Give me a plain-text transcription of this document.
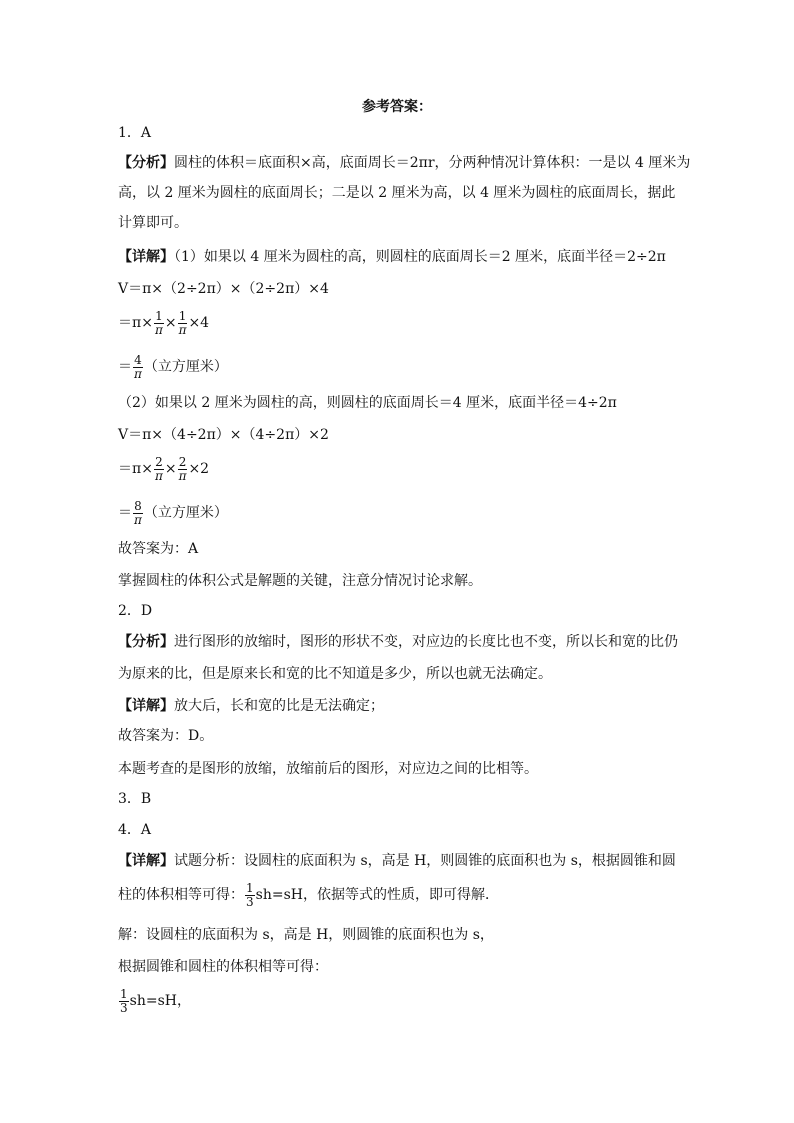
参考答案：
1．A
【分析】圆柱的体积＝底面积×高，底面周长＝2πr，分两种情况计算体积：一是以 4 厘米为
高，以 2 厘米为圆柱的底面周长；二是以 2 厘米为高，以 4 厘米为圆柱的底面周长，据此
计算即可。
【详解】（1）如果以 4 厘米为圆柱的高，则圆柱的底面周长＝2 厘米，底面半径＝2÷2π
V＝π×（2÷2π）×（2÷2π）×4
$=\pi\times \frac{1}{\pi} \times \frac{1}{\pi} \times 4$
＝ $\frac{4}{\pi}$ （立方厘米）
（2）如果以 2 厘米为圆柱的高，则圆柱的底面周长＝4 厘米，底面半径＝4÷2π
V＝π×（4÷2π）×（4÷2π）×2
$=\pi\times \frac{2}{\pi} \times \frac{2}{\pi} \times 2$
＝ $\frac{8}{\pi}$ （立方厘米）
故答案为：A
掌握圆柱的体积公式是解题的关键，注意分情况讨论求解。
2．D
【分析】进行图形的放缩时，图形的形状不变，对应边的长度比也不变，所以长和宽的比仍
为原来的比，但是原来长和宽的比不知道是多少，所以也就无法确定。
【详解】放大后，长和宽的比是无法确定；
故答案为：D。
本题考查的是图形的放缩，放缩前后的图形，对应边之间的比相等。
3．B
4．A
【详解】试题分析：设圆柱的底面积为 s，高是 H，则圆锥的底面积也为 s，根据圆锥和圆
柱的体积相等可得： $\frac{1}{3} sh=sH$，依据等式的性质，即可得解．
解：设圆柱的底面积为 s，高是 H，则圆锥的底面积也为 s，
根据圆锥和圆柱的体积相等可得：
$\frac{1}{3} sh=sH$，
